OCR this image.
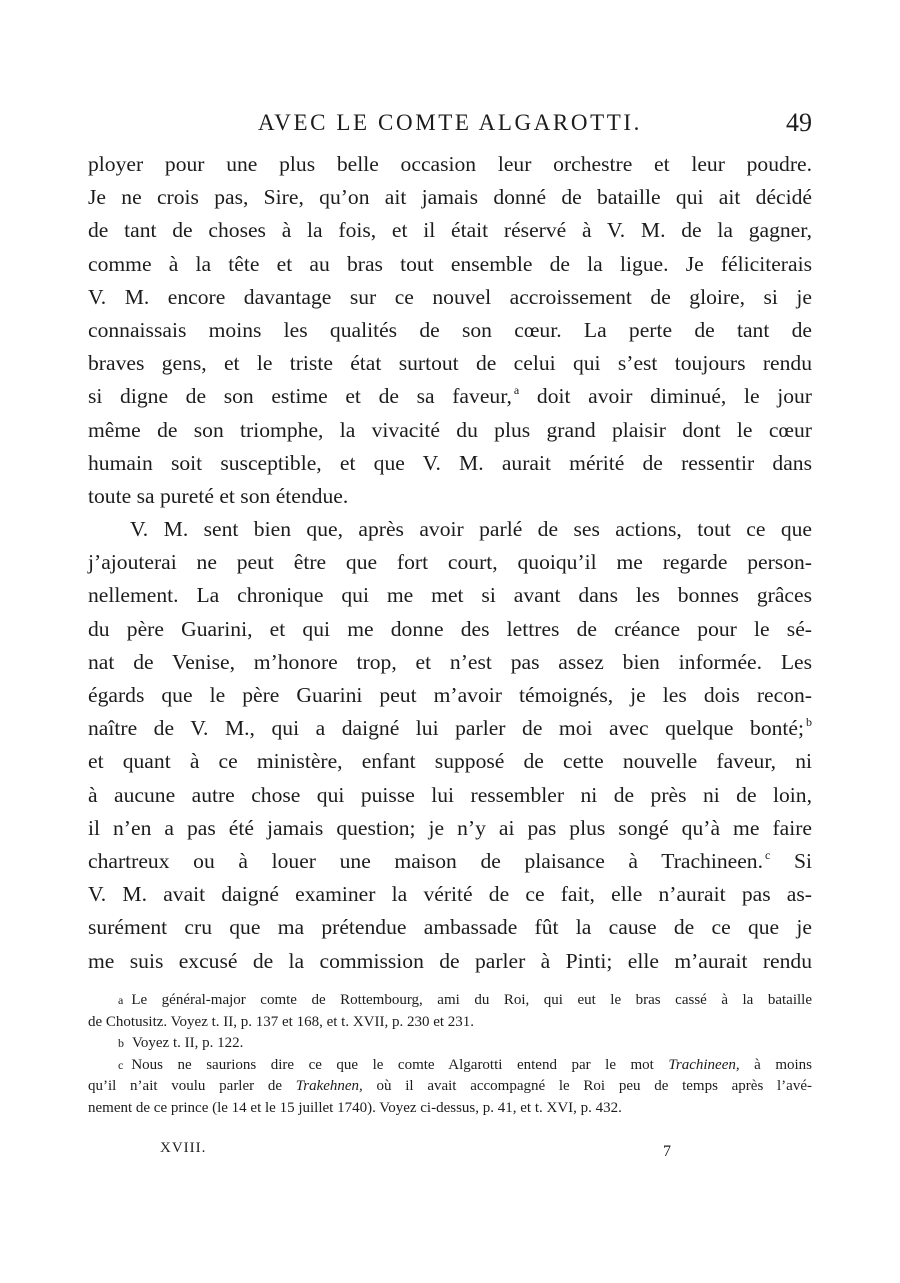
AVEC LE COMTE ALGAROTTI.	49
ployer pour une plus belle occasion leur orchestre et leur poudre.
Je ne crois pas, Sire, qu’on ait jamais donné de bataille qui ait décidé
de tant de choses à la fois, et il était réservé à V. M. de la gagner,
comme à la tête et au bras tout ensemble de la ligue. Je féliciterais
V. M. encore davantage sur ce nouvel accroissement de gloire, si je
connaissais moins les qualités de son cœur. La perte de tant de
braves gens, et le triste état surtout de celui qui s’est toujours rendu
si digne de son estime et de sa faveur, $^a$ doit avoir diminué, le jour
même de son triomphe, la vivacité du plus grand plaisir dont le cœur
humain soit susceptible, et que V. M. aurait mérité de ressentir dans
toute sa pureté et son étendue.
V. M. sent bien que, après avoir parlé de ses actions, tout ce que
j’ajouterai ne peut être que fort court, quoiqu’il me regarde person-
nellement. La chronique qui me met si avant dans les bonnes grâces
du père Guarini, et qui me donne des lettres de créance pour le sé-
nat de Venise, m’honore trop, et n’est pas assez bien informée. Les
égards que le père Guarini peut m’avoir témoignés, je les dois recon-
naître de V. M., qui a daigné lui parler de moi avec quelque bonté; $^b$
et quant à ce ministère, enfant supposé de cette nouvelle faveur, ni
à aucune autre chose qui puisse lui ressembler ni de près ni de loin,
il n’en a pas été jamais question; je n’y ai pas plus songé qu’à me faire
chartreux ou à louer une maison de plaisance à Trachineen. $^c$ Si
V. M. avait daigné examiner la vérité de ce fait, elle n’aurait pas as-
surément cru que ma prétendue ambassade fût la cause de ce que je
me suis excusé de la commission de parler à Pinti; elle m’aurait rendu
a Le général-major comte de Rottembourg, ami du Roi, qui eut le bras cassé à la bataille
de Chotusitz. Voyez t. II, p. 137 et 168, et t. XVII, p. 230 et 231.
b Voyez t. II, p. 122.
c Nous ne saurions dire ce que le comte Algarotti entend par le mot Trachineen, à moins
qu’il n’ait voulu parler de Trakehnen, où il avait accompagné le Roi peu de temps après l’avé-
nement de ce prince (le 14 et le 15 juillet 1740). Voyez ci-dessus, p. 41, et t. XVI, p. 432.
XVIII.	7
